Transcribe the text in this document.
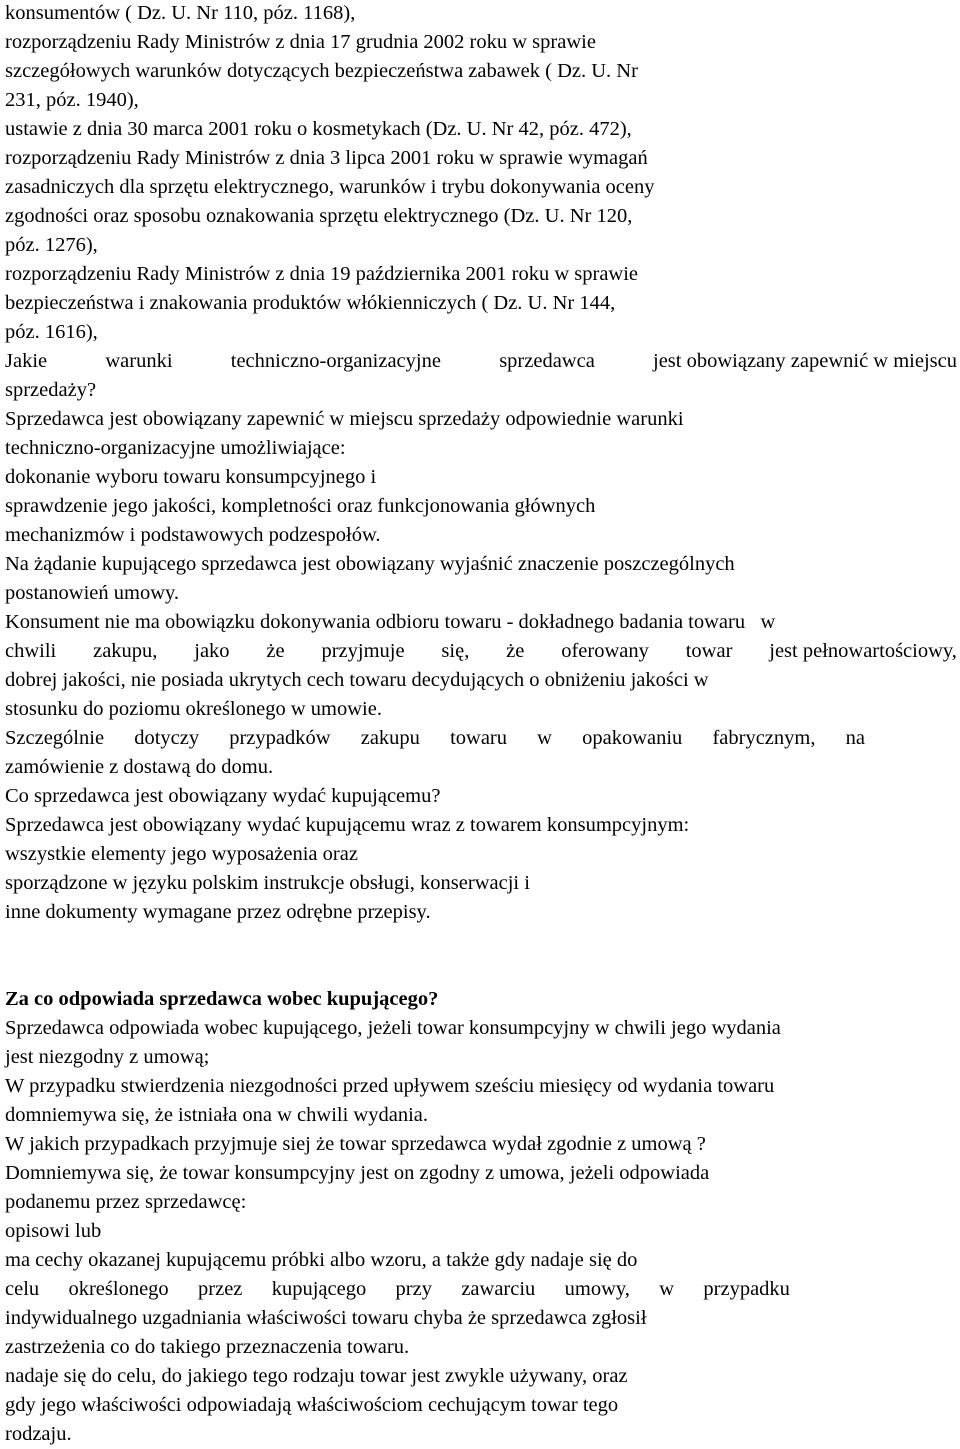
konsumentów ( Dz. U. Nr 110, póz. 1168),
rozporządzeniu Rady Ministrów z dnia 17 grudnia 2002 roku w sprawie
szczegółowych warunków dotyczących bezpieczeństwa zabawek ( Dz. U. Nr
231, póz. 1940),
ustawie z dnia 30 marca 2001 roku o kosmetykach (Dz. U. Nr 42, póz. 472),
rozporządzeniu Rady Ministrów z dnia 3 lipca 2001 roku w sprawie wymagań
zasadniczych dla sprzętu elektrycznego, warunków i trybu dokonywania oceny
zgodności oraz sposobu oznakowania sprzętu elektrycznego (Dz. U. Nr 120,
póz. 1276),
rozporządzeniu Rady Ministrów z dnia 19 października 2001 roku w sprawie
bezpieczeństwa i znakowania produktów włókienniczych ( Dz. U. Nr 144,
póz. 1616),
Jakie	warunki	techniczno-organizacyjne	sprzedawca	jest obowiązany zapewnić w miejscu
sprzedaży?
Sprzedawca jest obowiązany zapewnić w miejscu sprzedaży odpowiednie warunki
techniczno-organizacyjne umożliwiające:
dokonanie wyboru towaru konsumpcyjnego i
sprawdzenie jego jakości, kompletności oraz funkcjonowania głównych
mechanizmów i podstawowych podzespołów.
Na żądanie kupującego sprzedawca jest obowiązany wyjaśnić znaczenie poszczególnych
postanowień umowy.
Konsument nie ma obowiązku dokonywania odbioru towaru - dokładnego badania towaru   w
chwili zakupu, jako że przyjmuje się, że oferowany towar jest pełnowartościowy,
dobrej jakości, nie posiada ukrytych cech towaru decydujących o obniżeniu jakości w
stosunku do poziomu określonego w umowie.
Szczególnie dotyczy przypadków zakupu towaru w opakowaniu fabrycznym, na
zamówienie z dostawą do domu.
Co sprzedawca jest obowiązany wydać kupującemu?
Sprzedawca jest obowiązany wydać kupującemu wraz z towarem konsumpcyjnym:
wszystkie elementy jego wyposażenia oraz
sporządzone w języku polskim instrukcje obsługi, konserwacji i
inne dokumenty wymagane przez odrębne przepisy.
Za co odpowiada sprzedawca wobec kupującego?
Sprzedawca odpowiada wobec kupującego, jeżeli towar konsumpcyjny w chwili jego wydania
jest niezgodny z umową;
W przypadku stwierdzenia niezgodności przed upływem sześciu miesięcy od wydania towaru
domniemywa się, że istniała ona w chwili wydania.
W jakich przypadkach przyjmuje siej że towar sprzedawca wydał zgodnie z umową ?
Domniemywa się, że towar konsumpcyjny jest on zgodny z umowa, jeżeli odpowiada
podanemu przez sprzedawcę:
opisowi lub
ma cechy okazanej kupującemu próbki albo wzoru, a także gdy nadaje się do
celu określonego przez kupującego przy zawarciu umowy, w przypadku
indywidualnego uzgadniania właściwości towaru chyba że sprzedawca zgłosił
zastrzeżenia co do takiego przeznaczenia towaru.
nadaje się do celu, do jakiego tego rodzaju towar jest zwykle używany, oraz
gdy jego właściwości odpowiadają właściwościom cechującym towar tego
rodzaju.
